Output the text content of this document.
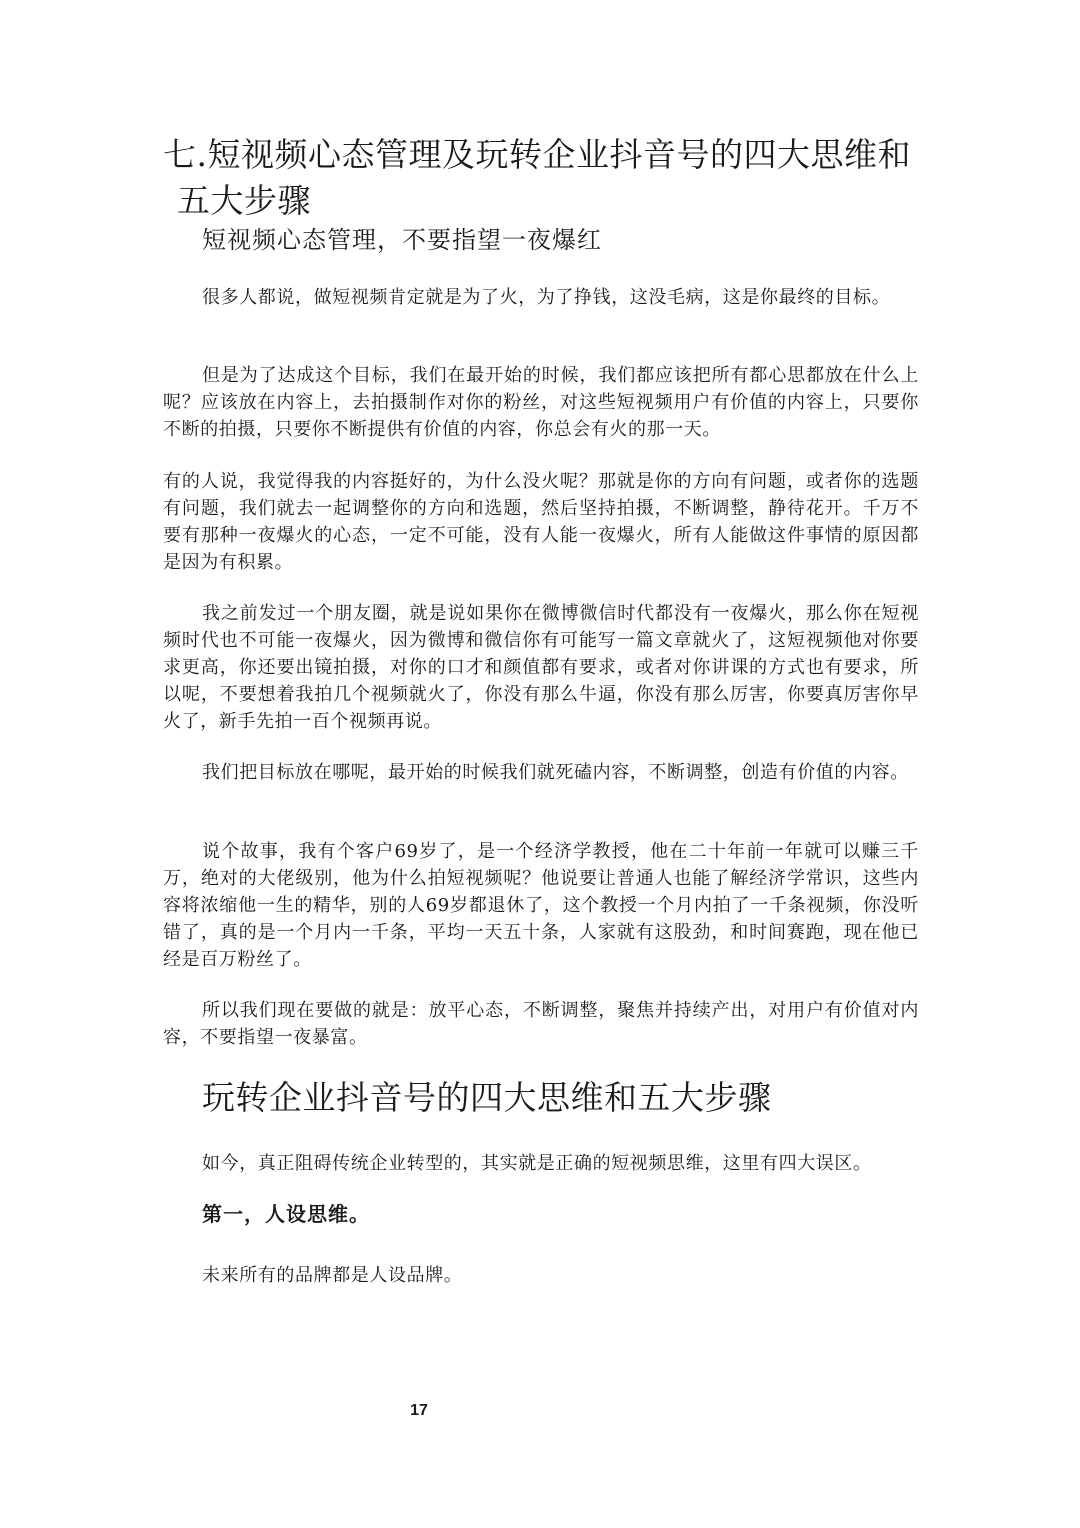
七.短视频心态管理及玩转企业抖音号的四大思维和
五大步骤
短视频心态管理，不要指望一夜爆红

很多人都说，做短视频肯定就是为了火，为了挣钱，这没毛病，这是你最终的目标。

但是为了达成这个目标，我们在最开始的时候，我们都应该把所有都心思都放在什么上呢？应该放在内容上，去拍摄制作对你的粉丝，对这些短视频用户有价值的内容上，只要你不断的拍摄，只要你不断提供有价值的内容，你总会有火的那一天。

有的人说，我觉得我的内容挺好的，为什么没火呢？那就是你的方向有问题，或者你的选题有问题，我们就去一起调整你的方向和选题，然后坚持拍摄，不断调整，静待花开。千万不要有那种一夜爆火的心态，一定不可能，没有人能一夜爆火，所有人能做这件事情的原因都是因为有积累。

我之前发过一个朋友圈，就是说如果你在微博微信时代都没有一夜爆火，那么你在短视频时代也不可能一夜爆火，因为微博和微信你有可能写一篇文章就火了，这短视频他对你要求更高，你还要出镜拍摄，对你的口才和颜值都有要求，或者对你讲课的方式也有要求，所以呢，不要想着我拍几个视频就火了，你没有那么牛逼，你没有那么厉害，你要真厉害你早火了，新手先拍一百个视频再说。

我们把目标放在哪呢，最开始的时候我们就死磕内容，不断调整，创造有价值的内容。

说个故事，我有个客户69岁了，是一个经济学教授，他在二十年前一年就可以赚三千万，绝对的大佬级别，他为什么拍短视频呢？他说要让普通人也能了解经济学常识，这些内容将浓缩他一生的精华，别的人69岁都退休了，这个教授一个月内拍了一千条视频，你没听错了，真的是一个月内一千条，平均一天五十条，人家就有这股劲，和时间赛跑，现在他已经是百万粉丝了。

所以我们现在要做的就是：放平心态，不断调整，聚焦并持续产出，对用户有价值对内容，不要指望一夜暴富。

玩转企业抖音号的四大思维和五大步骤

如今，真正阻碍传统企业转型的，其实就是正确的短视频思维，这里有四大误区。

第一，人设思维。

未来所有的品牌都是人设品牌。

17
